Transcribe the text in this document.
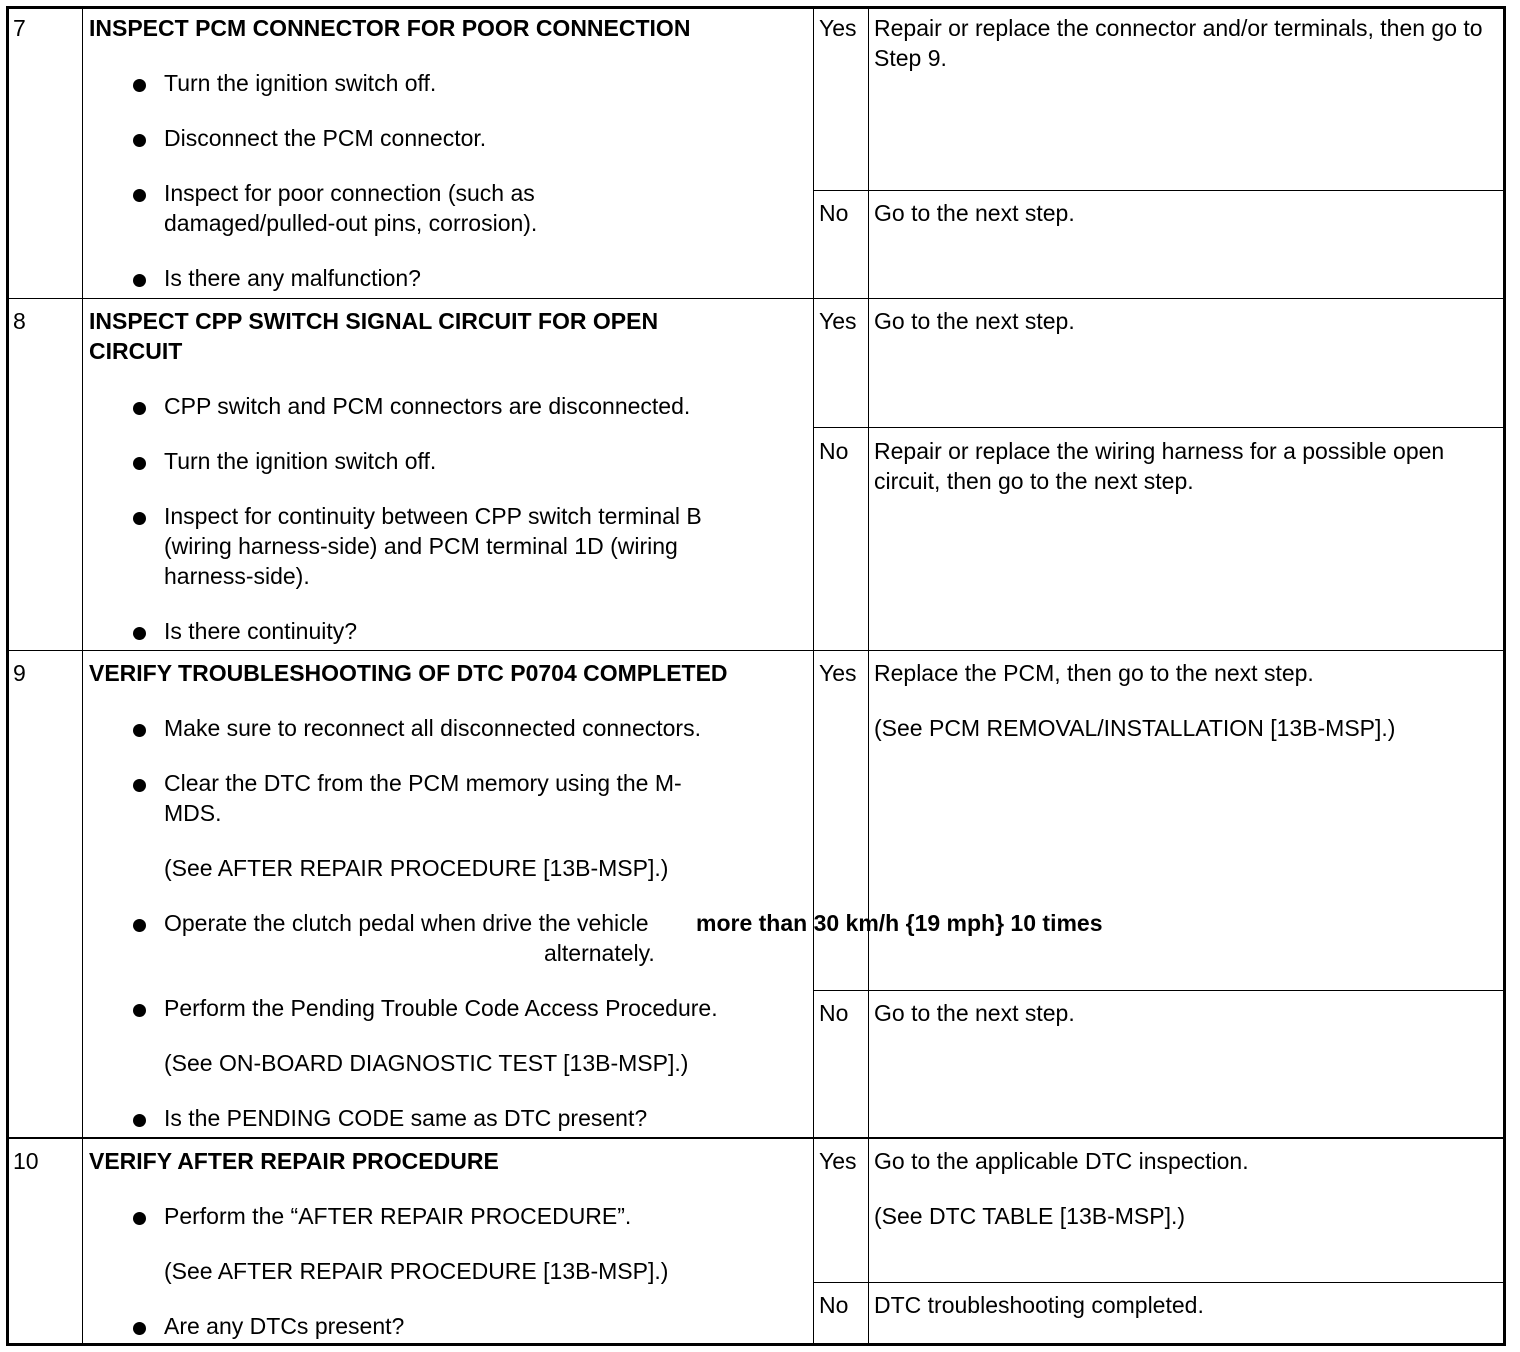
7	INSPECT PCM CONNECTOR FOR POOR CONNECTION
Turn the ignition switch off.
Disconnect the PCM connector.
Inspect for poor connection (such as damaged/pulled-out pins, corrosion).
Is there any malfunction?
Yes Repair or replace the connector and/or terminals, then go to Step 9.
No Go to the next step.
8	INSPECT CPP SWITCH SIGNAL CIRCUIT FOR OPEN CIRCUIT
CPP switch and PCM connectors are disconnected.
Turn the ignition switch off.
Inspect for continuity between CPP switch terminal B (wiring harness-side) and PCM terminal 1D (wiring harness-side).
Is there continuity?
Yes Go to the next step.
No Repair or replace the wiring harness for a possible open circuit, then go to the next step.
9	VERIFY TROUBLESHOOTING OF DTC P0704 COMPLETED
Make sure to reconnect all disconnected connectors.
Clear the DTC from the PCM memory using the M-MDS.
(See AFTER REPAIR PROCEDURE [13B-MSP].)
Operate the clutch pedal when drive the vehicle more than 30 km/h {19 mph} 10 times
alternately.
Perform the Pending Trouble Code Access Procedure.
(See ON-BOARD DIAGNOSTIC TEST [13B-MSP].)
Is the PENDING CODE same as DTC present?
Yes Replace the PCM, then go to the next step.
(See PCM REMOVAL/INSTALLATION [13B-MSP].)
No Go to the next step.
10 VERIFY AFTER REPAIR PROCEDURE
Perform the “AFTER REPAIR PROCEDURE”.
(See AFTER REPAIR PROCEDURE [13B-MSP].)
Are any DTCs present?
Yes Go to the applicable DTC inspection.
(See DTC TABLE [13B-MSP].)
No DTC troubleshooting completed.
